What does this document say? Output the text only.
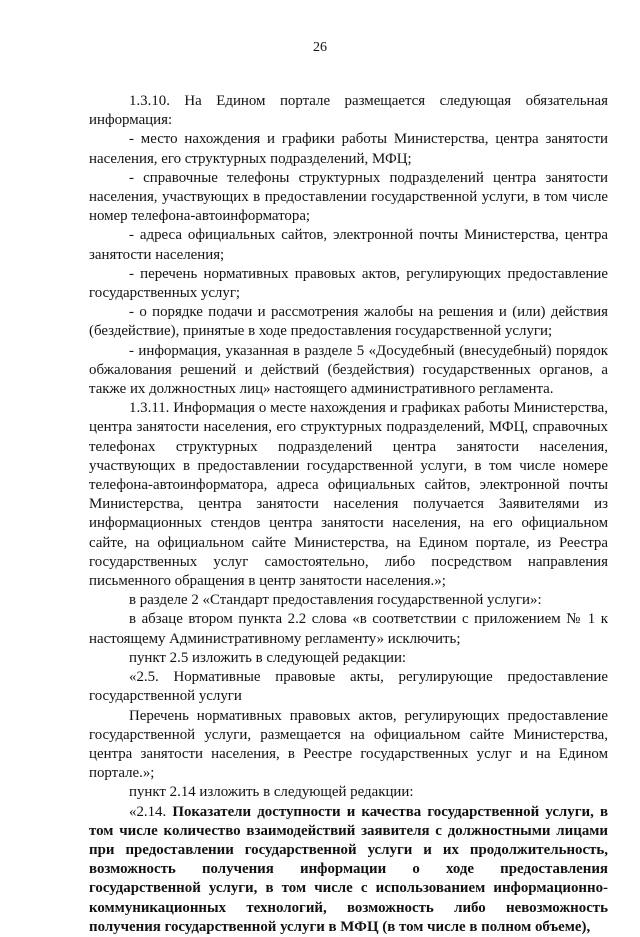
26

1.3.10. На Едином портале размещается следующая обязательная информация:

- место нахождения и графики работы Министерства, центра занятости населения, его структурных подразделений, МФЦ;

- справочные телефоны структурных подразделений центра занятости населения, участвующих в предоставлении государственной услуги, в том числе номер телефона-автоинформатора;

- адреса официальных сайтов, электронной почты Министерства, центра занятости населения;

- перечень нормативных правовых актов, регулирующих предоставление государственных услуг;

- о порядке подачи и рассмотрения жалобы на решения и (или) действия (бездействие), принятые в ходе предоставления государственной услуги;

- информация, указанная в разделе 5 «Досудебный (внесудебный) порядок обжалования решений и действий (бездействия) государственных органов, а также их должностных лиц» настоящего административного регламента.

1.3.11. Информация о месте нахождения и графиках работы Министерства, центра занятости населения, его структурных подразделений, МФЦ, справочных телефонах структурных подразделений центра занятости населения, участвующих в предоставлении государственной услуги, в том числе номере телефона-автоинформатора, адреса официальных сайтов, электронной почты Министерства, центра занятости населения получается Заявителями из информационных стендов центра занятости населения, на его официальном сайте, на официальном сайте Министерства, на Едином портале, из Реестра государственных услуг самостоятельно, либо посредством направления письменного обращения в центр занятости населения.»;

в разделе 2 «Стандарт предоставления государственной услуги»:

в абзаце втором пункта 2.2 слова «в соответствии с приложением № 1 к настоящему Административному регламенту» исключить;

пункт 2.5 изложить в следующей редакции:

«2.5. Нормативные правовые акты, регулирующие предоставление государственной услуги

Перечень нормативных правовых актов, регулирующих предоставление государственной услуги, размещается на официальном сайте Министерства, центра занятости населения, в Реестре государственных услуг и на Едином портале.»;

пункт 2.14 изложить в следующей редакции:

«2.14. Показатели доступности и качества государственной услуги, в том числе количество взаимодействий заявителя с должностными лицами при предоставлении государственной услуги и их продолжительность, возможность получения информации о ходе предоставления государственной услуги, в том числе с использованием информационно-коммуникационных технологий, возможность либо невозможность получения государственной услуги в МФЦ (в том числе в полном объеме),
